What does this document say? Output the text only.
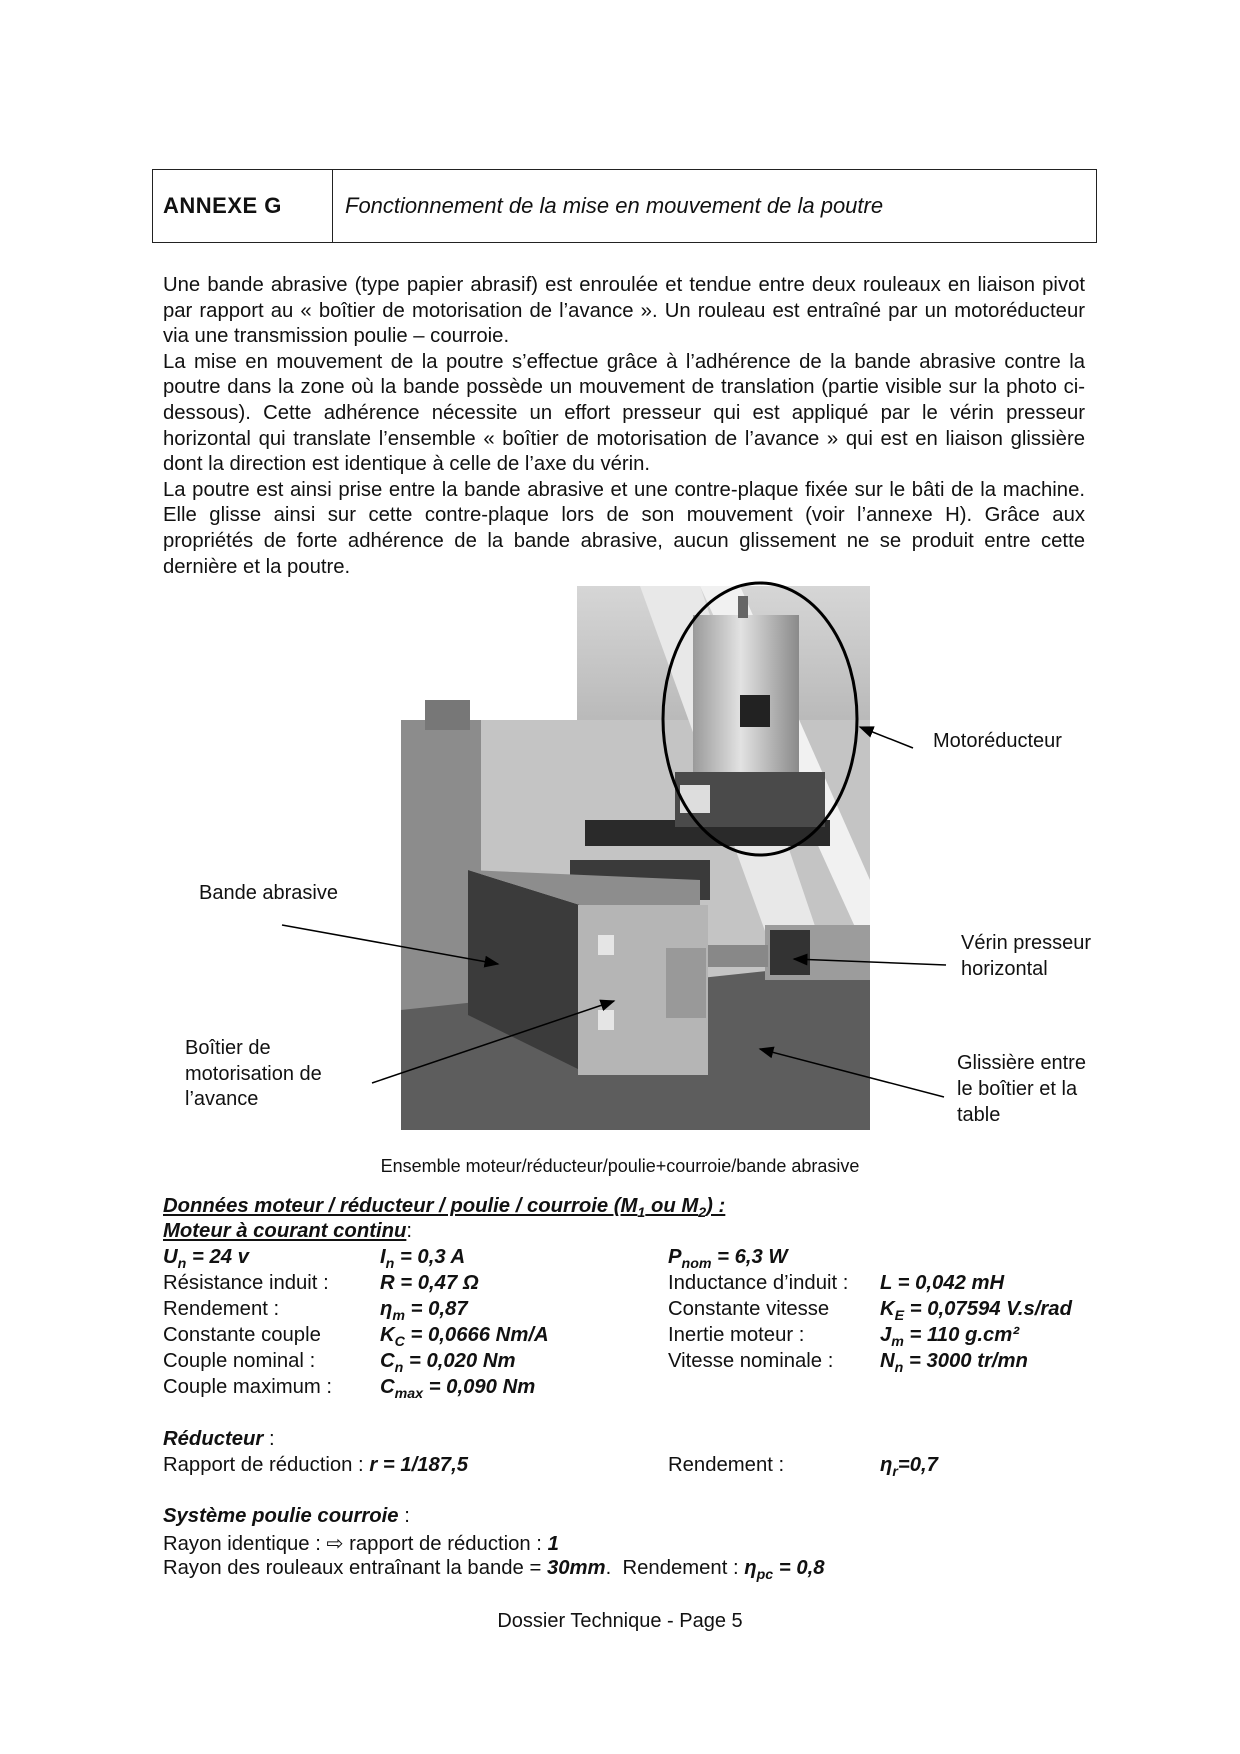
ANNEXE G	Fonctionnement de la mise en mouvement de la poutre

Une bande abrasive (type papier abrasif) est enroulée et tendue entre deux rouleaux en liaison pivot par rapport au « boîtier de motorisation de l’avance ». Un rouleau est entraîné par un motoréducteur via une transmission poulie – courroie.

La mise en mouvement de la poutre s’effectue grâce à l’adhérence de la bande abrasive contre la poutre dans la zone où la bande possède un mouvement de translation (partie visible sur la photo ci-dessous). Cette adhérence nécessite un effort presseur qui est appliqué par le vérin presseur horizontal qui translate l’ensemble « boîtier de motorisation de l’avance » qui est en liaison glissière dont la direction est identique à celle de l’axe du vérin.

La poutre est ainsi prise entre la bande abrasive et une contre-plaque fixée sur le bâti de la machine. Elle glisse ainsi sur cette contre-plaque lors de son mouvement (voir l’annexe H). Grâce aux propriétés de forte adhérence de la bande abrasive, aucun glissement ne se produit entre cette dernière et la poutre.

Motoréducteur
Bande abrasive
Vérin presseur
horizontal
Boîtier de
motorisation de
l’avance
Glissière entre
le boîtier et la
table
Ensemble moteur/réducteur/poulie+courroie/bande abrasive
Données moteur / réducteur / poulie / courroie ($M_1$ ou $M_2$) :
Moteur à courant continu:
$U_n = 24$ v	$I_n = 0,3$ A	$P_{nom} = 6,3$ W
Résistance induit :	R = 0,47 Ω	Inductance d’induit : L = 0,042 mH
Rendement :	$\eta_m = 0,87$	Constante vitesse	$K_E = 0,07594$ V.s/rad
Constante couple	$K_C = 0,0666$ Nm/A	Inertie moteur :	$J_m = 110$ g.cm²
Couple nominal :	$C_n = 0,020$ Nm	Vitesse nominale : $N_n = 3000$ tr/mn
Couple maximum : $C_{max} = 0,090$ Nm
Réducteur :
Rapport de réduction : r = 1/187,5	Rendement :	$\eta_r=0,7$
Système poulie courroie :
Rayon identique : ⇨ rapport de réduction : 1
Rayon des rouleaux entraînant la bande = 30mm.  Rendement : $\eta_{pc} = 0,8$
Dossier Technique - Page 5
